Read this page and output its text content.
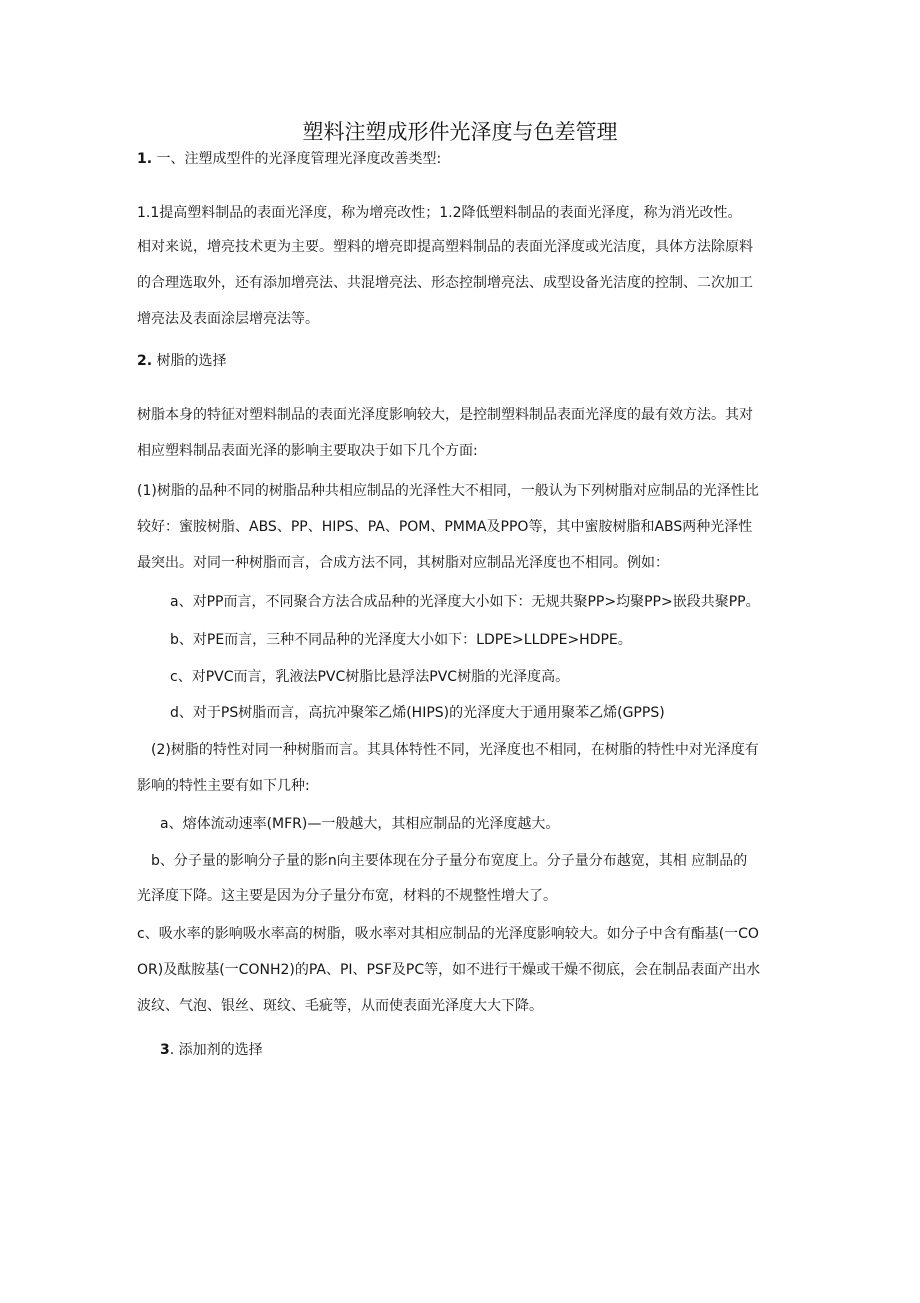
塑料注塑成形件光泽度与色差管理
1. 一、注塑成型件的光泽度管理光泽度改善类型:
1.1提高塑料制品的表面光泽度，称为增亮改性；1.2降低塑料制品的表面光泽度，称为消光改性。
相对来说，增亮技术更为主要。塑料的增亮即提高塑料制品的表面光泽度或光洁度，具体方法除原料
的合理选取外，还有添加增亮法、共混增亮法、形态控制增亮法、成型设备光洁度的控制、二次加工
增亮法及表面涂层增亮法等。
2. 树脂的选择
树脂本身的特征对塑料制品的表面光泽度影响较大，是控制塑料制品表面光泽度的最有效方法。其对
相应塑料制品表面光泽的影响主要取决于如下几个方面:
(1)树脂的品种不同的树脂品种共相应制品的光泽性大不相同，一般认为下列树脂对应制品的光泽性比
较好：蜜胺树脂、ABS、PP、HIPS、PA、POM、PMMA及PPO等，其中蜜胺树脂和ABS两种光泽性
最突出。对同一种树脂而言，合成方法不同，其树脂对应制品光泽度也不相同。例如：
a、对PP而言，不同聚合方法合成品种的光泽度大小如下：无规共聚PP>均聚PP>嵌段共聚PP。
b、对PE而言，三种不同品种的光泽度大小如下：LDPE>LLDPE>HDPE。
c、对PVC而言，乳液法PVC树脂比悬浮法PVC树脂的光泽度高。
d、对于PS树脂而言，高抗冲聚笨乙烯(HIPS)的光泽度大于通用聚苯乙烯(GPPS)
(2)树脂的特性对同一种树脂而言。其具体特性不同，光泽度也不相同，在树脂的特性中对光泽度有
影响的特性主要有如下几种:
a、熔体流动速率(MFR)—一般越大，其相应制品的光泽度越大。
b、分子量的影响分子量的影n向主要体现在分子量分布宽度上。分子量分布越宽，其相 应制品的
光泽度下降。这主要是因为分子量分布宽，材料的不规整性增大了。
c、吸水率的影响吸水率高的树脂，吸水率对其相应制品的光泽度影响较大。如分子中含有酯基(一CO
OR)及酞胺基(一CONH2)的PA、PI、PSF及PC等，如不进行干燥或干燥不彻底，会在制品表面产出水
波纹、气泡、银丝、斑纹、毛疵等，从而使表面光泽度大大下降。
3. 添加剂的选择
